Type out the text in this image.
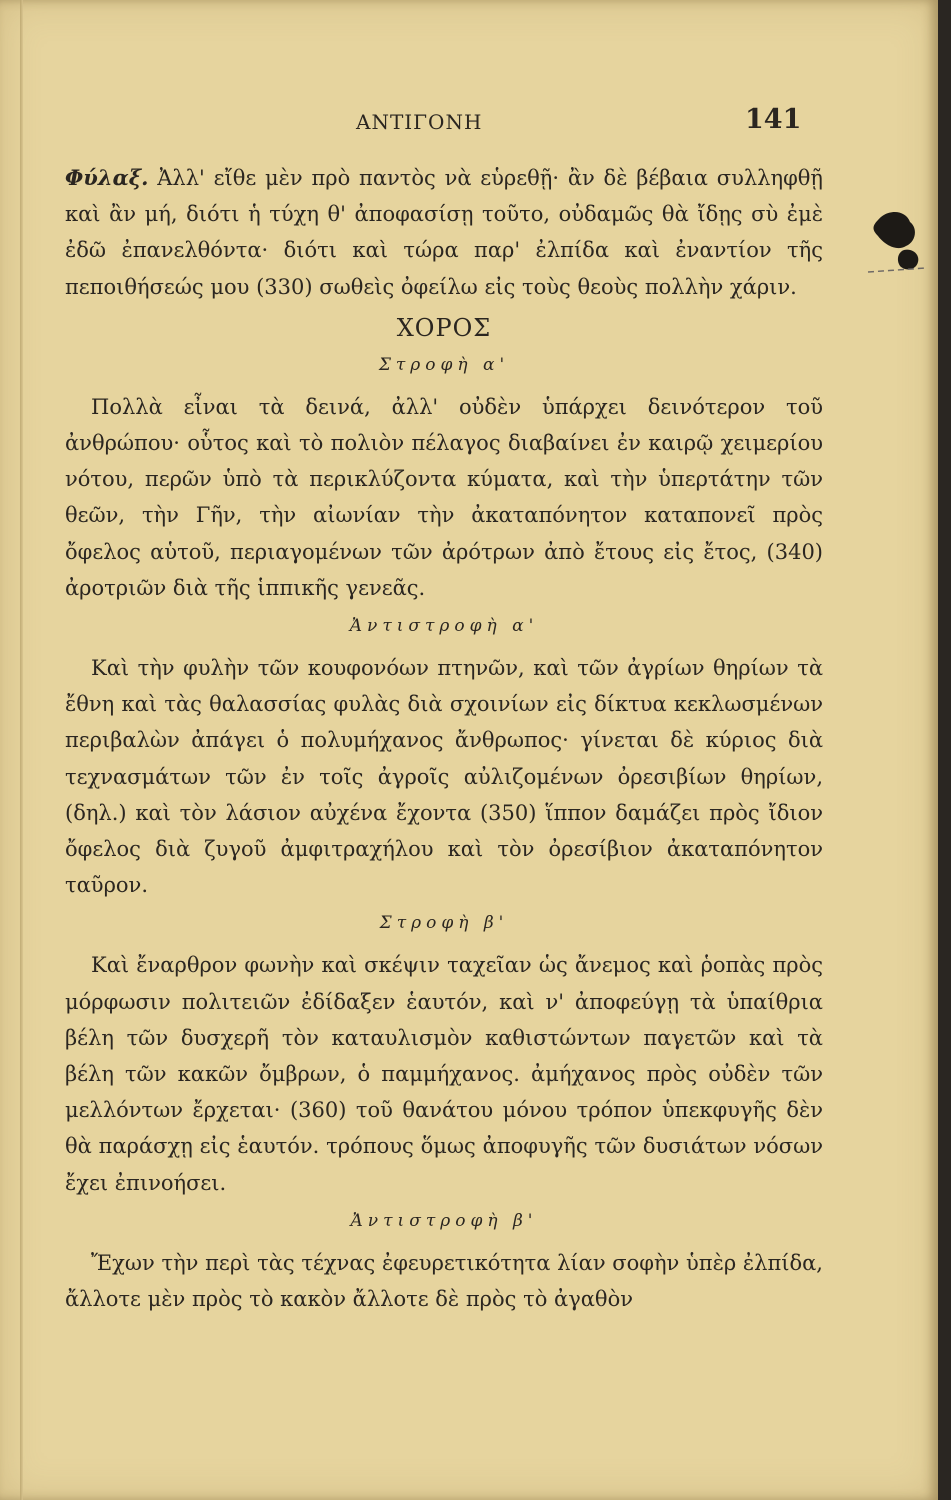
ΑΝΤΙΓΟΝΗ	141

Φύλαξ. Ἀλλ' εἴθε μὲν πρὸ παντὸς νὰ εὑρεθῇ· ἂν δὲ βέβαια συλληφθῇ καὶ ἂν μή, διότι ἡ τύχη θ' ἀποφασίσῃ τοῦτο, οὐδαμῶς θὰ ἴδῃς σὺ ἐμὲ ἐδῶ ἐπανελθόντα· διότι καὶ τώρα παρ' ἐλπίδα καὶ ἐναντίον τῆς πεποιθήσεώς μου (330) σωθεὶς ὀφείλω εἰς τοὺς θεοὺς πολλὴν χάριν.

ΧΟΡΟΣ
Στροφὴ α'

Πολλὰ εἶναι τὰ δεινά, ἀλλ' οὐδὲν ὑπάρχει δεινότερον τοῦ ἀνθρώπου· οὗτος καὶ τὸ πολιὸν πέλαγος διαβαίνει ἐν καιρῷ χειμερίου νότου, περῶν ὑπὸ τὰ περικλύζοντα κύματα, καὶ τὴν ὑπερτάτην τῶν θεῶν, τὴν Γῆν, τὴν αἰωνίαν τὴν ἀκαταπόνητον καταπονεῖ πρὸς ὄφελος αὑτοῦ, περιαγομένων τῶν ἀρότρων ἀπὸ ἔτους εἰς ἔτος, (340) ἀροτριῶν διὰ τῆς ἱππικῆς γενεᾶς.

Ἀντιστροφὴ α'

Καὶ τὴν φυλὴν τῶν κουφονόων πτηνῶν, καὶ τῶν ἀγρίων θηρίων τὰ ἔθνη καὶ τὰς θαλασσίας φυλὰς διὰ σχοινίων εἰς δίκτυα κεκλωσμένων περιβαλὼν ἀπάγει ὁ πολυμήχανος ἄνθρωπος· γίνεται δὲ κύριος διὰ τεχνασμάτων τῶν ἐν τοῖς ἀγροῖς αὐλιζομένων ὀρεσιβίων θηρίων, (δηλ.) καὶ τὸν λάσιον αὐχένα ἔχοντα (350) ἵππον δαμάζει πρὸς ἴδιον ὄφελος διὰ ζυγοῦ ἀμφιτραχήλου καὶ τὸν ὀρεσίβιον ἀκαταπόνητον ταῦρον.

Στροφὴ β'

Καὶ ἔναρθρον φωνὴν καὶ σκέψιν ταχεῖαν ὡς ἄνεμος καὶ ῥοπὰς πρὸς μόρφωσιν πολιτειῶν ἐδίδαξεν ἑαυτόν, καὶ ν' ἀποφεύγῃ τὰ ὑπαίθρια βέλη τῶν δυσχερῆ τὸν καταυλισμὸν καθιστώντων παγετῶν καὶ τὰ βέλη τῶν κακῶν ὄμβρων, ὁ παμμήχανος. ἀμήχανος πρὸς οὐδὲν τῶν μελλόντων ἔρχεται· (360) τοῦ θανάτου μόνου τρόπον ὑπεκφυγῆς δὲν θὰ παράσχῃ εἰς ἑαυτόν. τρόπους ὅμως ἀποφυγῆς τῶν δυσιάτων νόσων ἔχει ἐπινοήσει.

Ἀντιστροφὴ β'

Ἔχων τὴν περὶ τὰς τέχνας ἐφευρετικότητα λίαν σοφὴν ὑπὲρ ἐλπίδα, ἄλλοτε μὲν πρὸς τὸ κακὸν ἄλλοτε δὲ πρὸς τὸ ἀγαθὸν
